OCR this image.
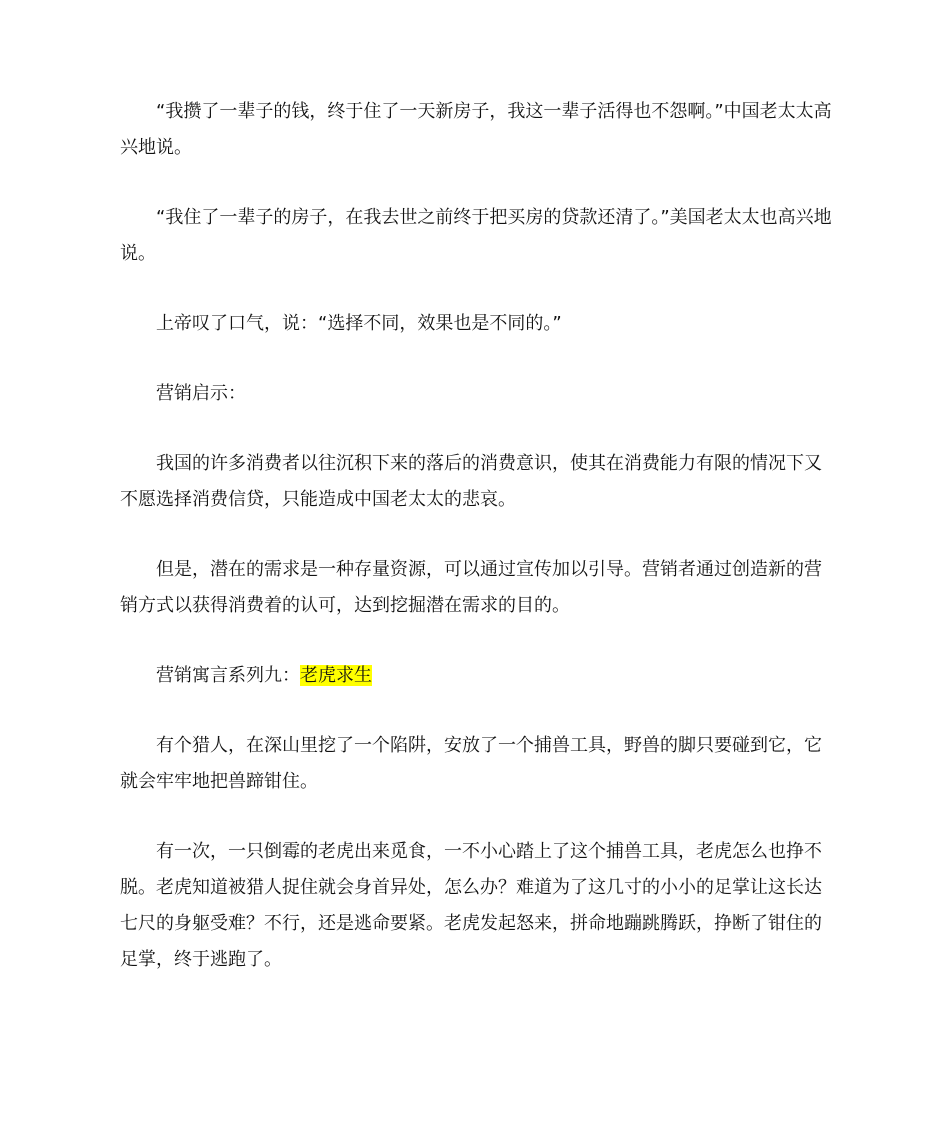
“我攒了一辈子的钱，终于住了一天新房子，我这一辈子活得也不怨啊。”中国老太太高兴地说。

“我住了一辈子的房子，在我去世之前终于把买房的贷款还清了。”美国老太太也高兴地说。

上帝叹了口气，说：“选择不同，效果也是不同的。”

营销启示：

我国的许多消费者以往沉积下来的落后的消费意识，使其在消费能力有限的情况下又不愿选择消费信贷，只能造成中国老太太的悲哀。

但是，潜在的需求是一种存量资源，可以通过宣传加以引导。营销者通过创造新的营销方式以获得消费着的认可，达到挖掘潜在需求的目的。

营销寓言系列九：老虎求生

有个猎人，在深山里挖了一个陷阱，安放了一个捕兽工具，野兽的脚只要碰到它，它就会牢牢地把兽蹄钳住。

有一次，一只倒霉的老虎出来觅食，一不小心踏上了这个捕兽工具，老虎怎么也挣不脱。老虎知道被猎人捉住就会身首异处，怎么办？难道为了这几寸的小小的足掌让这长达七尺的身躯受难？不行，还是逃命要紧。老虎发起怒来，拼命地蹦跳腾跃，挣断了钳住的足掌，终于逃跑了。
